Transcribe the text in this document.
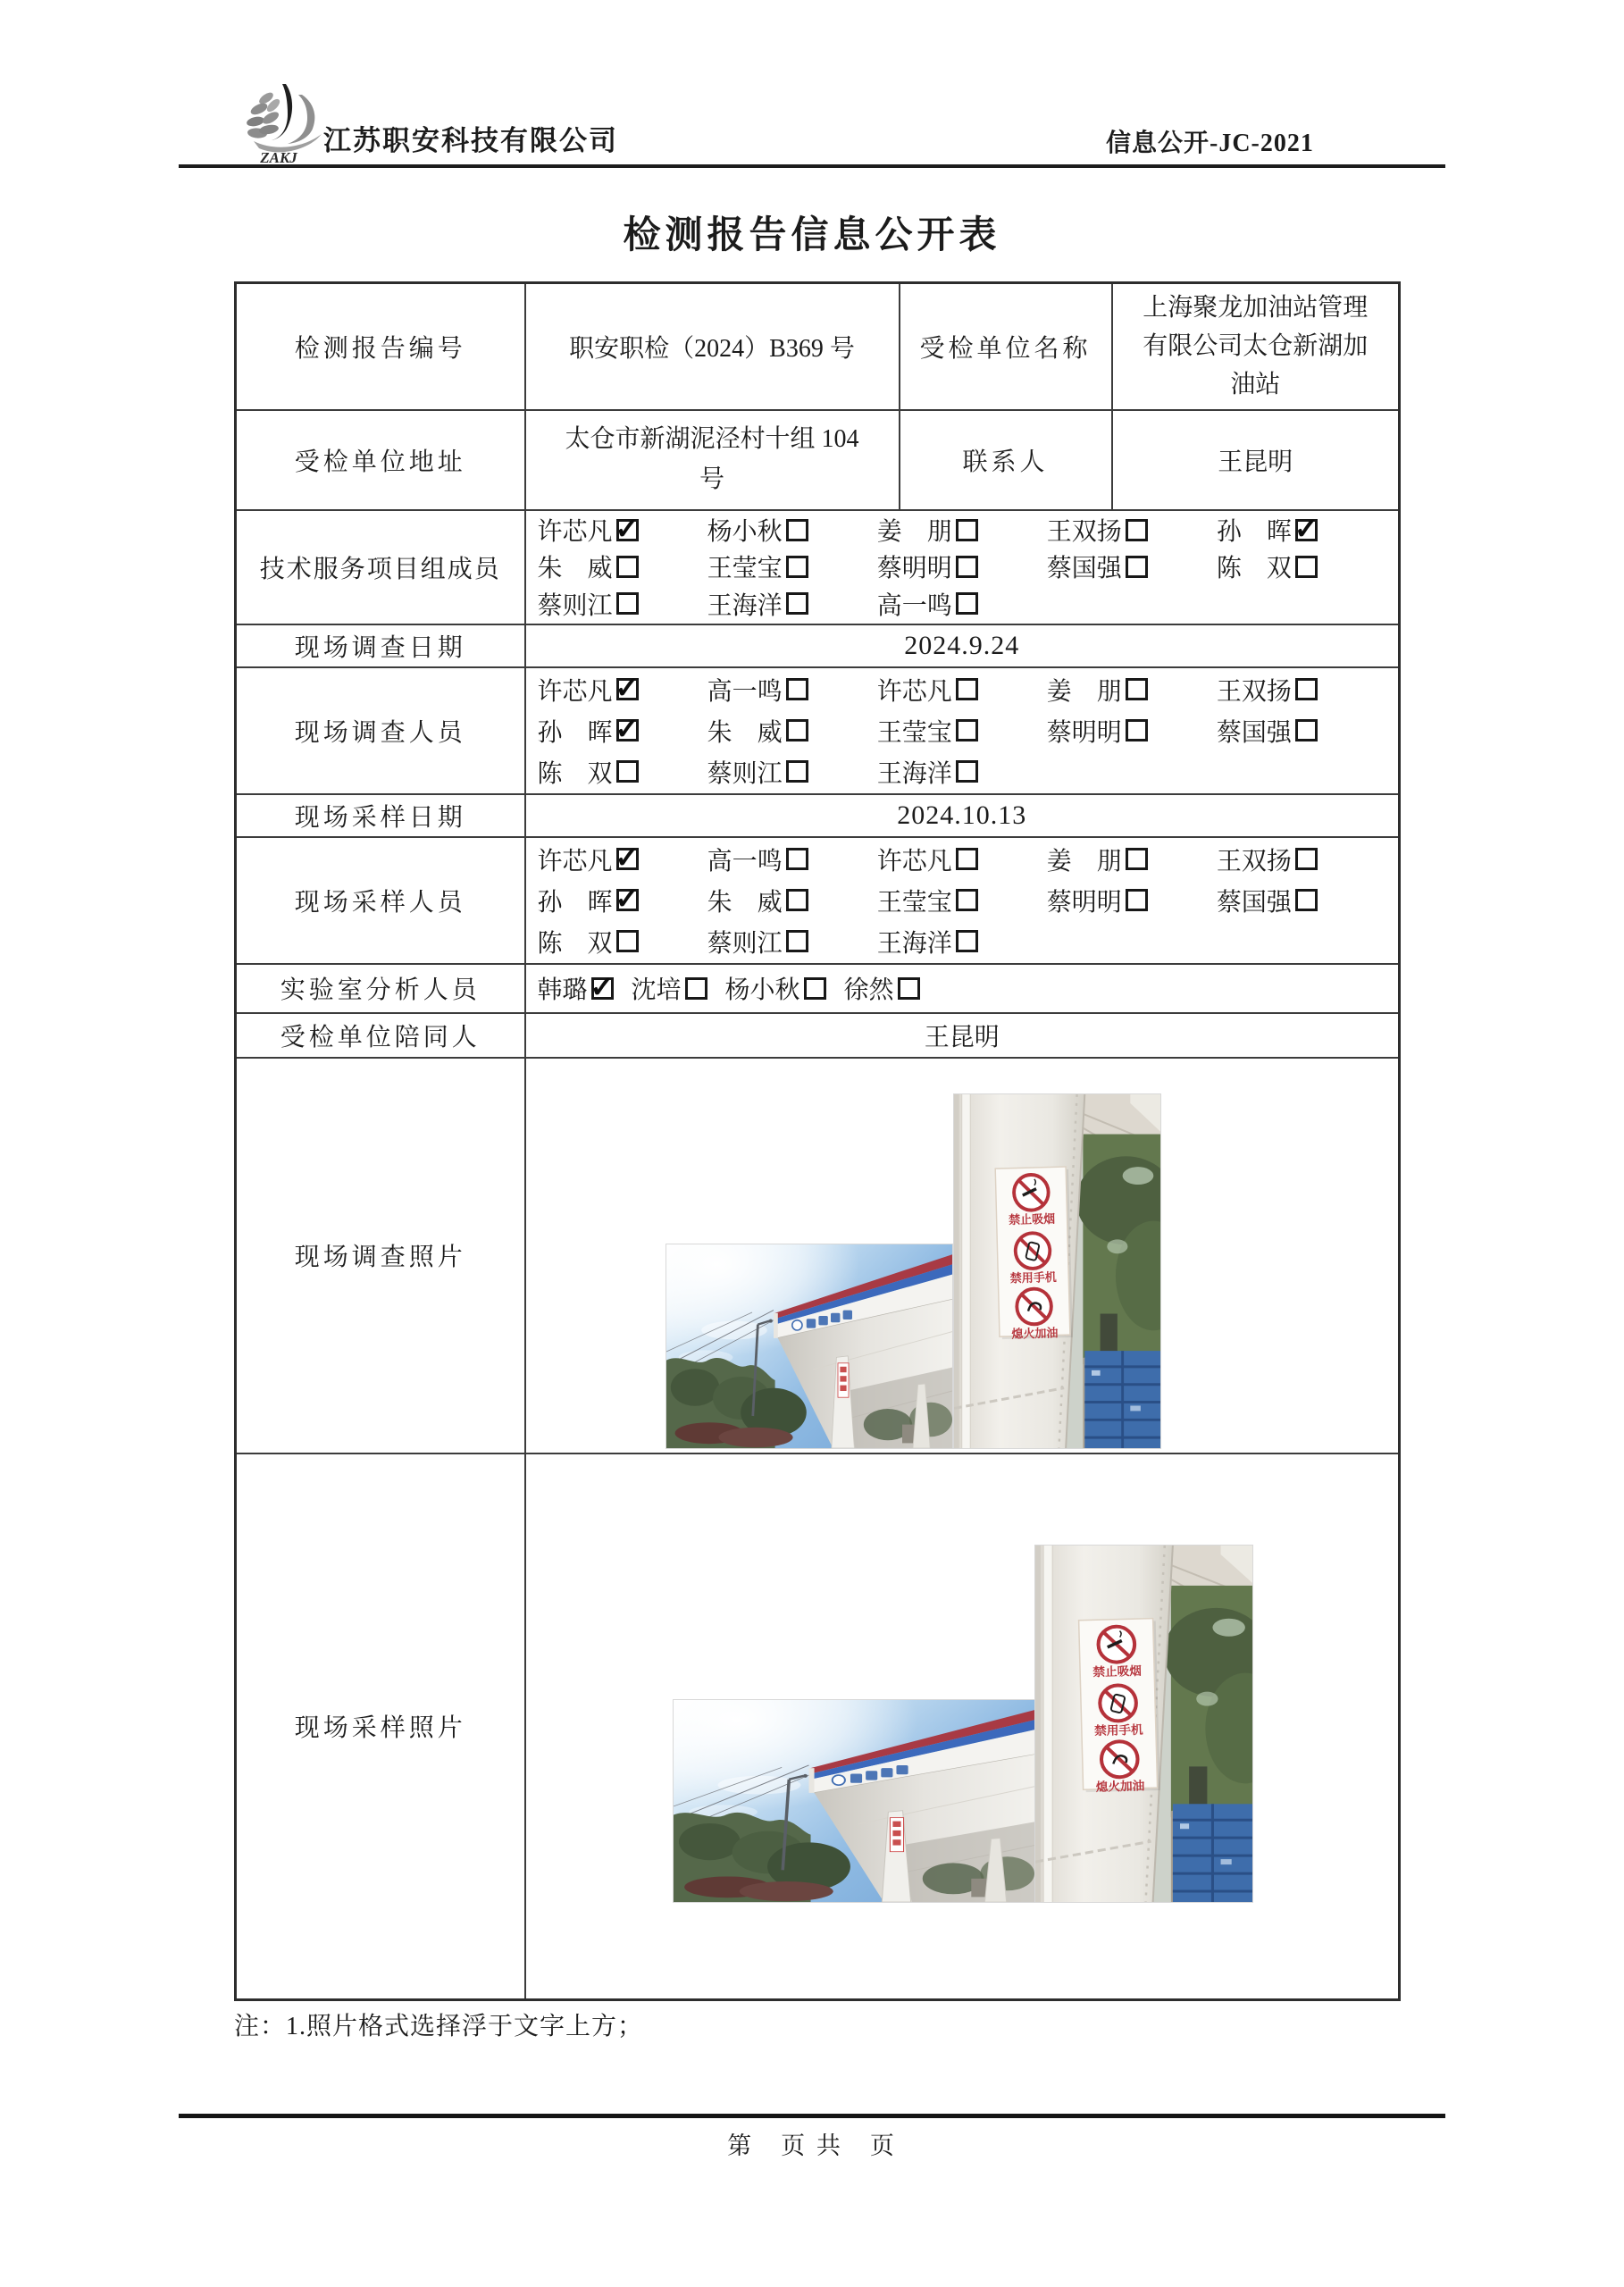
ZAKJ
江苏职安科技有限公司	信息公开-JC-2021
检测报告信息公开表
检测报告编号	职安职检（2024）B369 号	受检单位名称	上海聚龙加油站管理有限公司太仓新湖加油站

受检单位地址	太仓市新湖泥泾村十组 104 号	联系人	王昆明
技术服务项目组成员	
许芯凡 ✓	杨小秋	姜　朋	王双扬	孙　晖 ✓
朱　威	王莹宝	蔡明明	蔡国强	陈　双
蔡则江	王海洋	高一鸣

现场调查日期	2024.9.24		
现场调查人员	
许芯凡 ✓	高一鸣	许芯凡	姜　朋	王双扬
孙　晖 ✓	朱　威	王莹宝	蔡明明	蔡国强
陈　双	蔡则江	王海洋

现场采样日期	2024.10.13		
现场采样人员	
许芯凡 ✓	高一鸣	许芯凡	姜　朋	王双扬
孙　晖 ✓	朱　威	王莹宝	蔡明明	蔡国强
陈　双	蔡则江	王海洋

实验室分析人员	韩璐 ✓ 沈培 杨小秋 徐然		

受检单位陪同人	王昆明		
现场调查照片	禁止吸烟
禁用手机
熄火加油		

现场采样照片	禁止吸烟
禁用手机
熄火加油		
注：1.照片格式选择浮于文字上方；
第　页 共　页
